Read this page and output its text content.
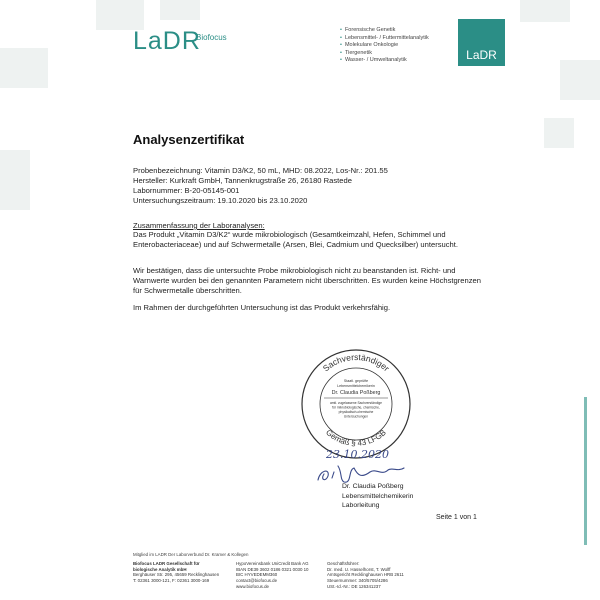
LaDR
Biofocus
• Forensische Genetik
• Lebensmittel- / Futtermittelanalytik
• Molekulare Onkologie
• Tiergenetik
• Wasser- / Umweltanalytik	LaDR
Analysenzertifikat
Probenbezeichnung: Vitamin D3/K2, 50 mL, MHD: 08.2022, Los-Nr.: 201.55
Hersteller: Kurkraft GmbH, Tannenkrugstraße 26, 26180 Rastede
Labornummer: B-20-05145-001
Untersuchungszeitraum: 19.10.2020 bis 23.10.2020
Zusammenfassung der Laboranalysen:
Das Produkt „Vitamin D3/K2“ wurde mikrobiologisch (Gesamtkeimzahl, Hefen, Schimmel und Enterobacteriaceae) und auf Schwermetalle (Arsen, Blei, Cadmium und Quecksilber) untersucht.
Wir bestätigen, dass die untersuchte Probe mikrobiologisch nicht zu beanstanden ist. Richt- und Warnwerte wurden bei den genannten Parametern nicht überschritten. Es wurden keine Höchstgrenzen für Schwermetalle überschritten.
Im Rahmen der durchgeführten Untersuchung ist das Produkt verkehrsfähig.
Sachverständiger
Gemäß § 43 LFGB
Staatl. geprüfte
Lebensmittelchemikerin
Dr. Claudia Poßberg
amtl. zugelassene Sachverständige
für mikrobiologische, chemische,
physikalisch-chemische
Untersuchungen
23.10.2020
Dr. Claudia Poßberg
Lebensmittelchemikerin
Laborleitung
Seite 1 von 1
Mitglied im LADR Der Laborverbund Dr. Kramer & Kollegen
Biofocus LADR Gesellschaft für
biologische Analytik mbH
Berghäuser Str. 295, 45659 Recklinghausen
T: 02361 3000-121, F: 02361 3000-169
HypoVereinsbank UniCredit Bank AG
IBAN DE39 3602 0186 0321 0030 10
BIC HYVEDEMM360
contact@biofocus.de
www.biofocus.de
Geschäftsführer:
Dr. med. U. Hasselhorst, T. Wolff
Amtsgericht Recklinghausen HRB 2611
Steuernummer: 340/5705/4286
USt.-Id.-Nr.: DE 126341237
